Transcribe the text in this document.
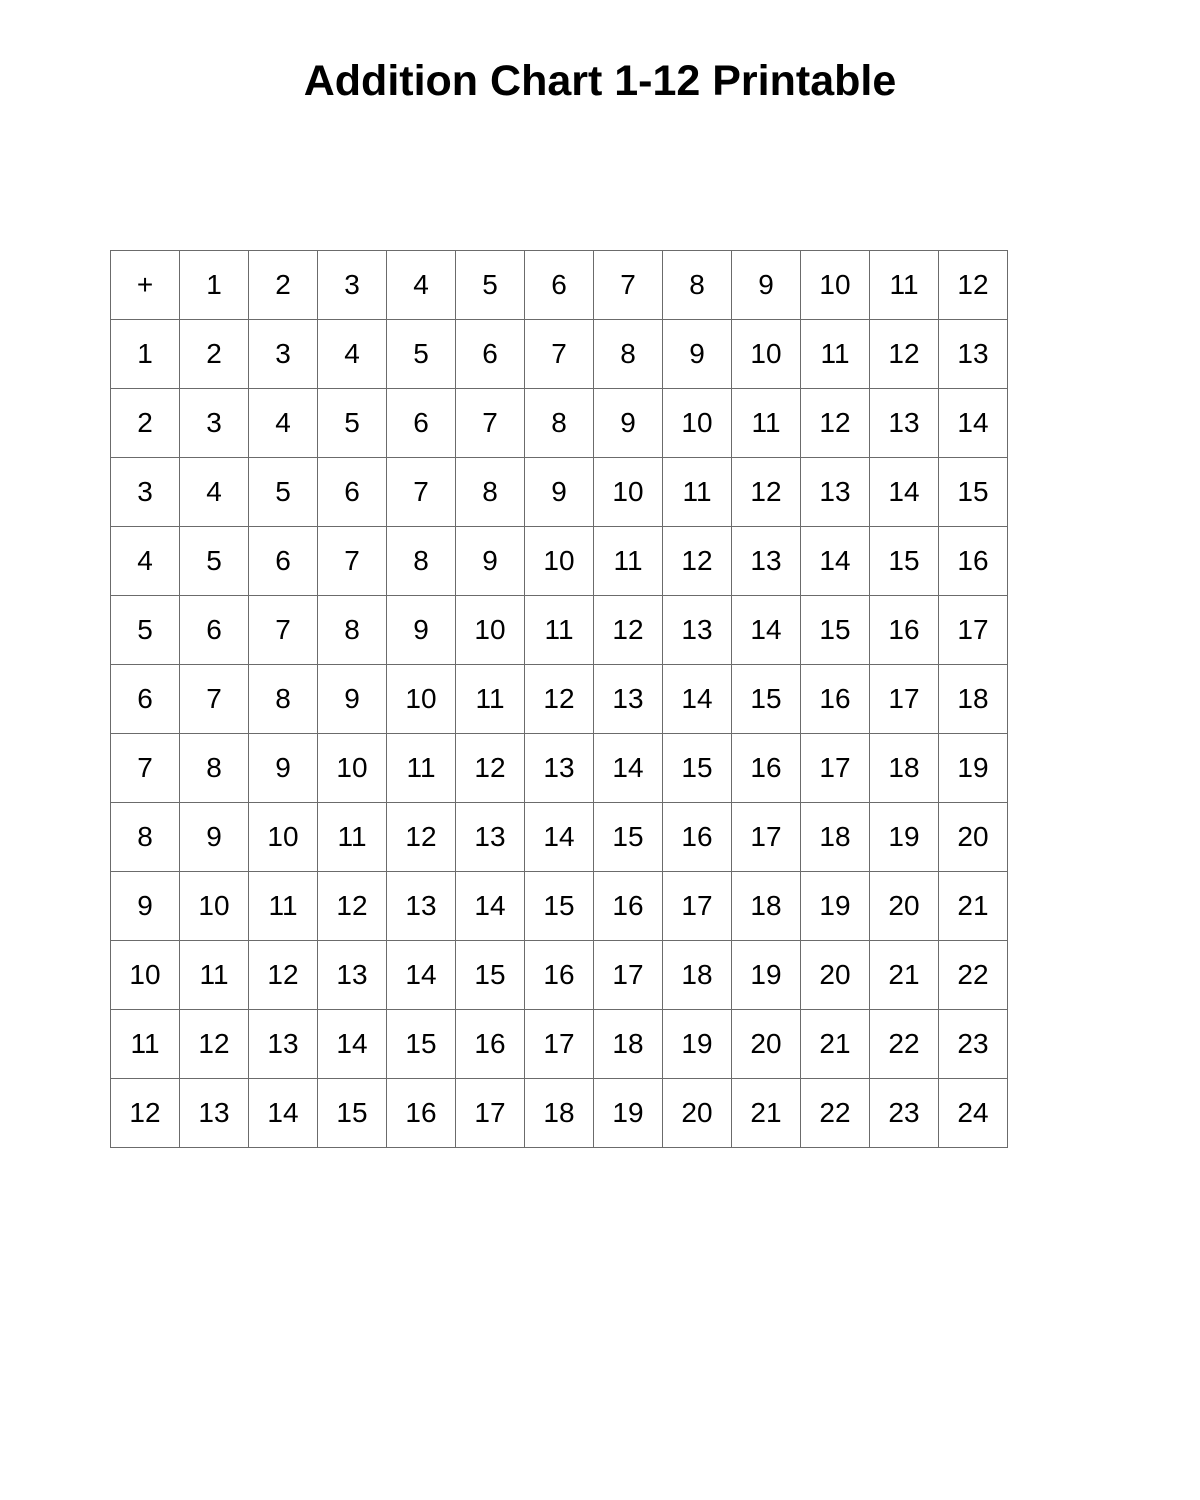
Addition Chart 1-12 Printable
+	1	2	3	4	5	6	7	8	9	10	11	12
1	2	3	4	5	6	7	8	9	10	11	12	13
2	3	4	5	6	7	8	9	10	11	12	13	14
3	4	5	6	7	8	9	10	11	12	13	14	15
4	5	6	7	8	9	10	11	12	13	14	15	16
5	6	7	8	9	10	11	12	13	14	15	16	17
6	7	8	9	10	11	12	13	14	15	16	17	18
7	8	9	10	11	12	13	14	15	16	17	18	19
8	9	10	11	12	13	14	15	16	17	18	19	20
9	10	11	12	13	14	15	16	17	18	19	20	21
10	11	12	13	14	15	16	17	18	19	20	21	22
11	12	13	14	15	16	17	18	19	20	21	22	23
12	13	14	15	16	17	18	19	20	21	22	23	24
